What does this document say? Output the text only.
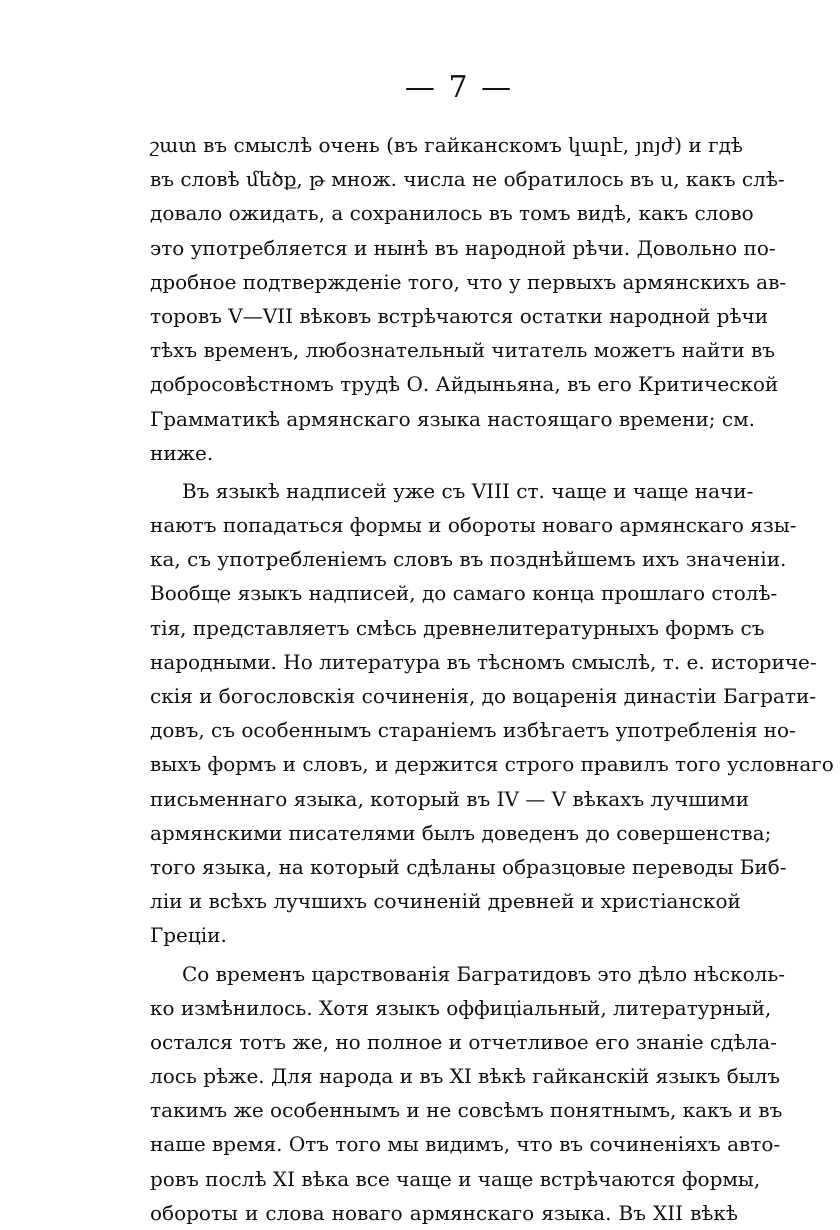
— 7 —
շատ въ смыслѣ очень (въ гайканскомъ կարէ, յոյժ) и гдѣ
въ словѣ մեծք, թ множ. числа не обратилось въ ս, какъ слѣ-
довало ожидать, а сохранилось въ томъ видѣ, какъ слово
это употребляется и нынѣ въ народной рѣчи. Довольно по-
дробное подтвержденіе того, что у первыхъ армянскихъ ав-
торовъ V—VII вѣковъ встрѣчаются остатки народной рѣчи
тѣхъ временъ, любознательный читатель можетъ найти въ
добросовѣстномъ трудѣ О. Айдыньяна, въ его Критической
Грамматикѣ армянскаго языка настоящаго времени; см.
ниже.
Въ языкѣ надписей уже съ VIII ст. чаще и чаще начи-
наютъ попадаться формы и обороты новаго армянскаго язы-
ка, съ употребленіемъ словъ въ позднѣйшемъ ихъ значеніи.
Вообще языкъ надписей, до самаго конца прошлаго столѣ-
тія, представляетъ смѣсь древнелитературныхъ формъ съ
народными. Но литература въ тѣсномъ смыслѣ, т. е. историче-
скія и богословскія сочиненія, до воцаренія династіи Баграти-
довъ, съ особеннымъ стараніемъ избѣгаетъ употребленія но-
выхъ формъ и словъ, и держится строго правилъ того условнаго
письменнаго языка, который въ IV — V вѣкахъ лучшими
армянскими писателями былъ доведенъ до совершенства;
того языка, на который сдѣланы образцовые переводы Биб-
ліи и всѣхъ лучшихъ сочиненій древней и христіанской
Греціи.
Со временъ царствованія Багратидовъ это дѣло нѣсколь-
ко измѣнилось. Хотя языкъ оффиціальный, литературный,
остался тотъ же, но полное и отчетливое его знаніе сдѣла-
лось рѣже. Для народа и въ XI вѣкѣ гайканскій языкъ былъ
такимъ же особеннымъ и не совсѣмъ понятнымъ, какъ и въ
наше время. Отъ того мы видимъ, что въ сочиненіяхъ авто-
ровъ послѣ XI вѣка все чаще и чаще встрѣчаются формы,
обороты и слова новаго армянскаго языка. Въ XII вѣкѣ
